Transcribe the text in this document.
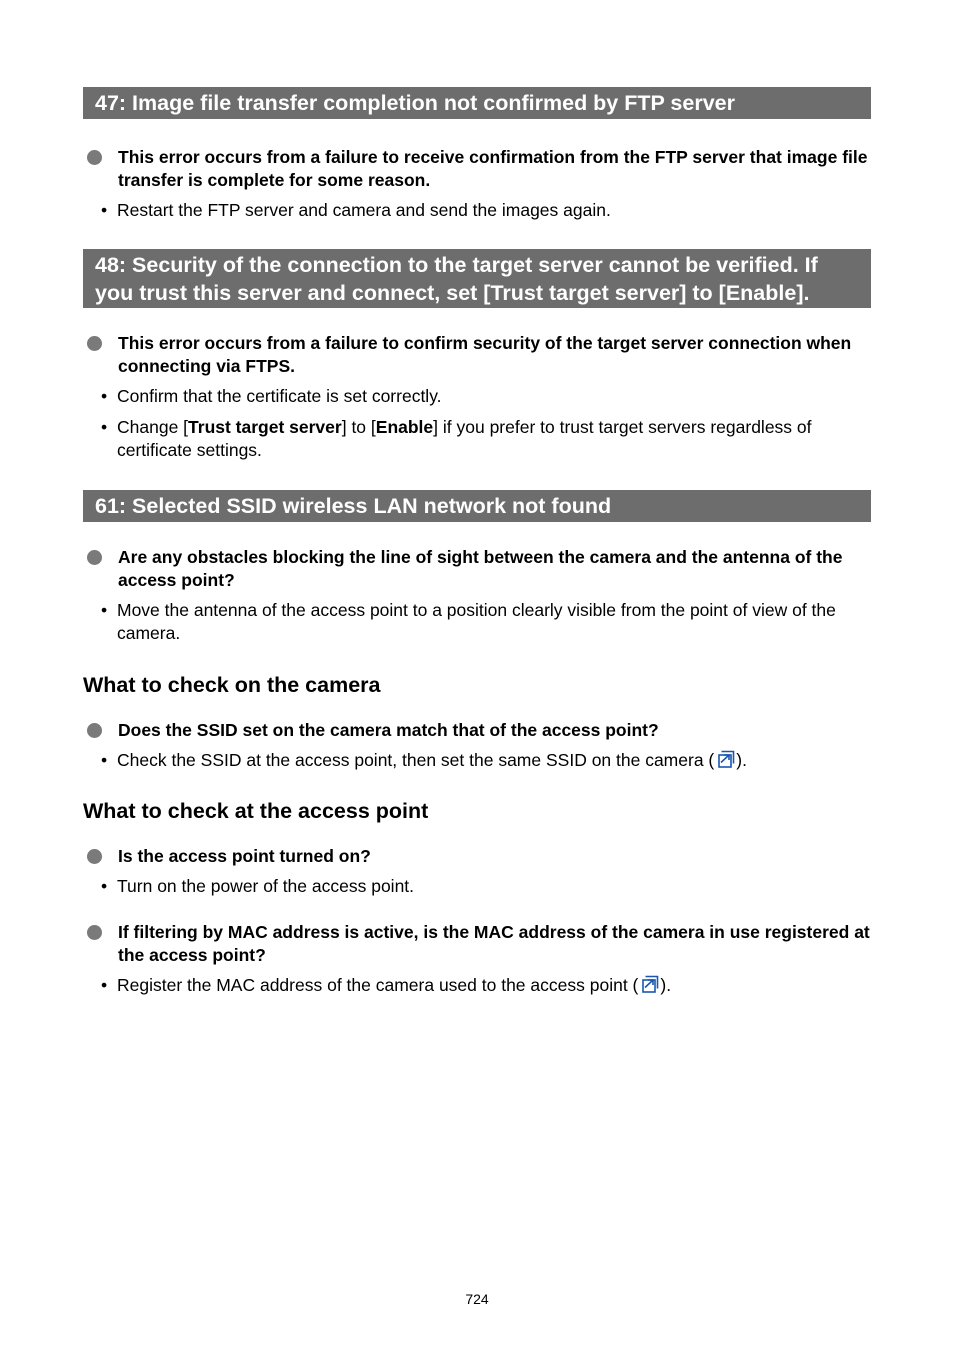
47: Image file transfer completion not confirmed by FTP server
This error occurs from a failure to receive confirmation from the FTP server that image file transfer is complete for some reason.
• Restart the FTP server and camera and send the images again.
48: Security of the connection to the target server cannot be verified. If you trust this server and connect, set [Trust target server] to [Enable].
This error occurs from a failure to confirm security of the target server connection when connecting via FTPS.
• Confirm that the certificate is set correctly.
• Change [Trust target server] to [Enable] if you prefer to trust target servers regardless of certificate settings.
61: Selected SSID wireless LAN network not found
Are any obstacles blocking the line of sight between the camera and the antenna of the access point?
• Move the antenna of the access point to a position clearly visible from the point of view of the camera.
What to check on the camera
Does the SSID set on the camera match that of the access point?
• Check the SSID at the access point, then set the same SSID on the camera ( ).
What to check at the access point
Is the access point turned on?
• Turn on the power of the access point.
If filtering by MAC address is active, is the MAC address of the camera in use registered at the access point?
• Register the MAC address of the camera used to the access point ( ).
724
